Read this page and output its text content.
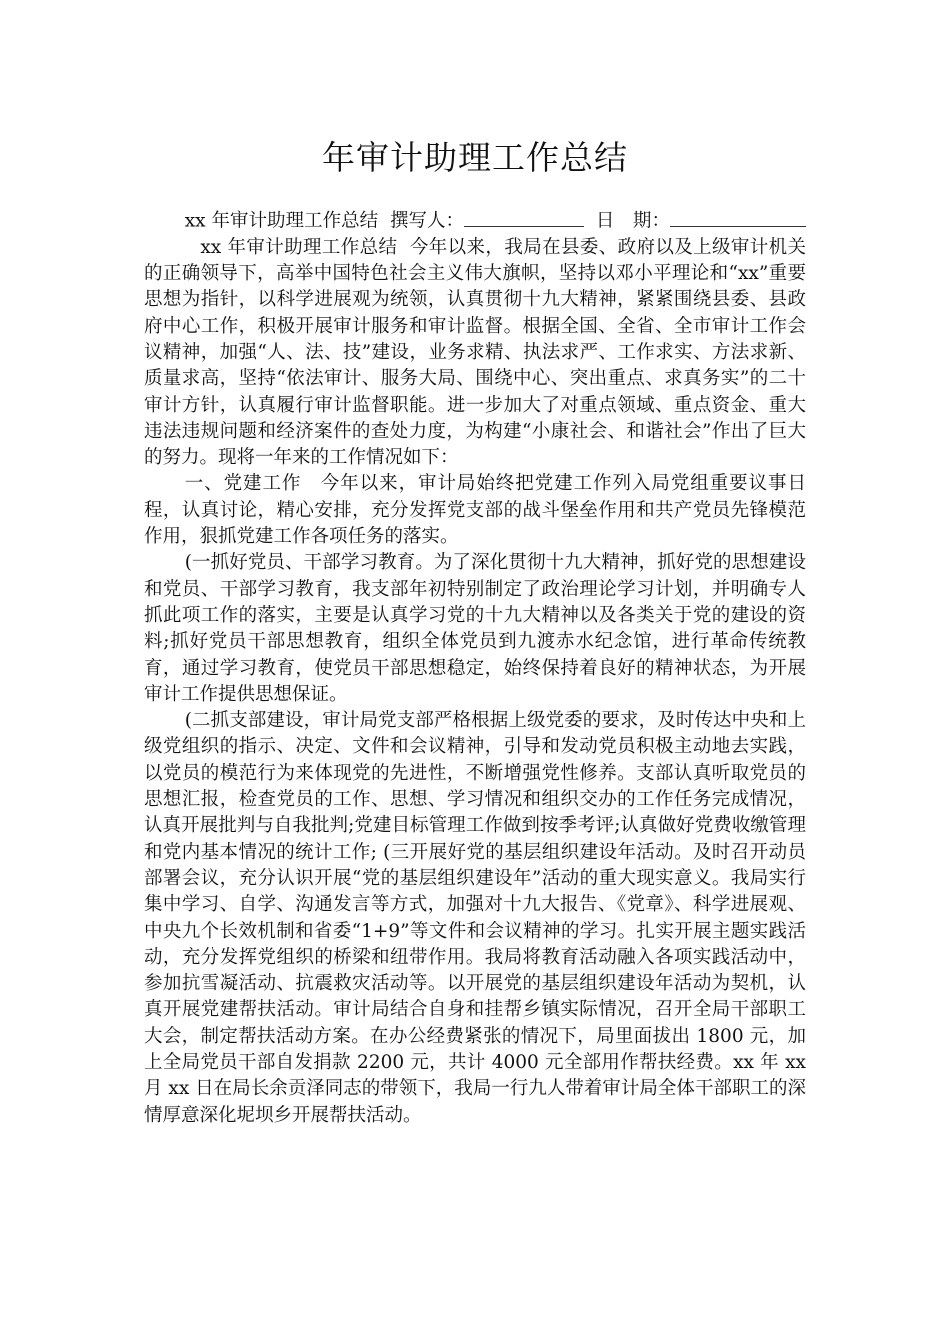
年审计助理工作总结

xx 年审计助理工作总结 撰写人：	日　期：         xx 年审计助理工作总结 今年以来，我局在县委、政府以及上级审计机关的正确领导下，高举中国特色社会主义伟大旗帜，坚持以邓小平理论和“xx”重要思想为指针，以科学进展观为统领，认真贯彻十九大精神，紧紧围绕县委、县政府中心工作，积极开展审计服务和审计监督。根据全国、全省、全市审计工作会议精神，加强“人、法、技”建设，业务求精、执法求严、工作求实、方法求新、质量求高，坚持“依法审计、服务大局、围绕中心、突出重点、求真务实”的二十审计方针，认真履行审计监督职能。进一步加大了对重点领域、重点资金、重大违法违规问题和经济案件的查处力度，为构建“小康社会、和谐社会”作出了巨大的努力。现将一年来的工作情况如下：

一、党建工作　今年以来，审计局始终把党建工作列入局党组重要议事日程，认真讨论，精心安排，充分发挥党支部的战斗堡垒作用和共产党员先锋模范作用，狠抓党建工作各项任务的落实。

(一抓好党员、干部学习教育。为了深化贯彻十九大精神，抓好党的思想建设和党员、干部学习教育，我支部年初特别制定了政治理论学习计划，并明确专人抓此项工作的落实，主要是认真学习党的十九大精神以及各类关于党的建设的资料;抓好党员干部思想教育，组织全体党员到九渡赤水纪念馆，进行革命传统教育，通过学习教育，使党员干部思想稳定，始终保持着良好的精神状态，为开展审计工作提供思想保证。

(二抓支部建设，审计局党支部严格根据上级党委的要求，及时传达中央和上级党组织的指示、决定、文件和会议精神，引导和发动党员积极主动地去实践，以党员的模范行为来体现党的先进性，不断增强党性修养。支部认真听取党员的思想汇报，检查党员的工作、思想、学习情况和组织交办的工作任务完成情况，认真开展批判与自我批判;党建目标管理工作做到按季考评;认真做好党费收缴管理和党内基本情况的统计工作; (三开展好党的基层组织建设年活动。及时召开动员部署会议，充分认识开展“党的基层组织建设年”活动的重大现实意义。我局实行集中学习、自学、沟通发言等方式，加强对十九大报告、《党章》、科学进展观、中央九个长效机制和省委“1+9”等文件和会议精神的学习。扎实开展主题实践活动，充分发挥党组织的桥梁和纽带作用。我局将教育活动融入各项实践活动中，参加抗雪凝活动、抗震救灾活动等。以开展党的基层组织建设年活动为契机，认真开展党建帮扶活动。审计局结合自身和挂帮乡镇实际情况，召开全局干部职工大会，制定帮扶活动方案。在办公经费紧张的情况下，局里面拔出 1800 元，加上全局党员干部自发捐款 2200 元，共计 4000 元全部用作帮扶经费。xx 年 xx 月 xx 日在局长余贡泽同志的带领下，我局一行九人带着审计局全体干部职工的深情厚意深化坭坝乡开展帮扶活动。
